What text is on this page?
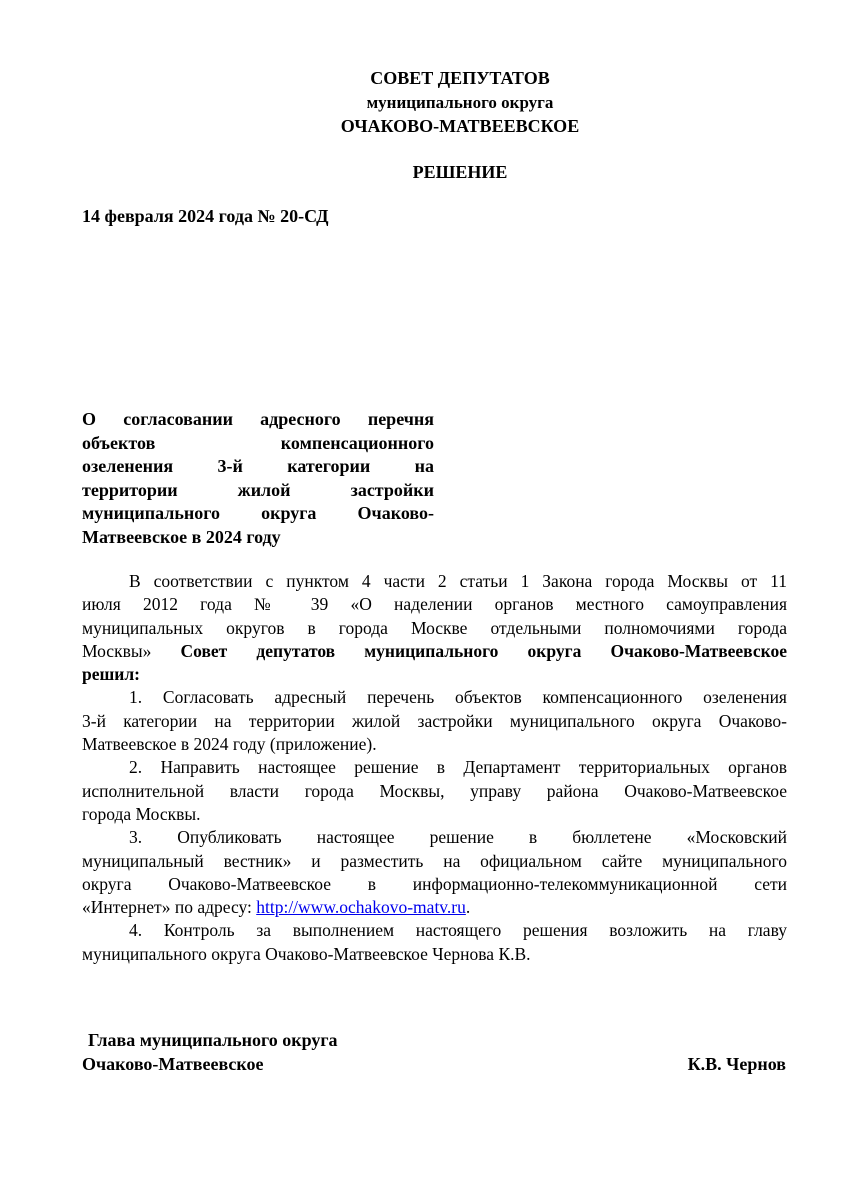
СОВЕТ ДЕПУТАТОВ
муниципального округа
ОЧАКОВО-МАТВЕЕВСКОЕ
РЕШЕНИЕ
14 февраля 2024 года № 20-СД
О согласовании адресного перечня
объектов компенсационного
озеленения 3-й категории на
территории жилой застройки
муниципального округа Очаково-
Матвеевское в 2024 году
В соответствии с пунктом 4 части 2 статьи 1 Закона города Москвы от 11
июля 2012 года № 39 «О наделении органов местного самоуправления
муниципальных округов в города Москве отдельными полномочиями города
Москвы» Совет депутатов муниципального округа Очаково-Матвеевское
решил:
1. Согласовать адресный перечень объектов компенсационного озеленения
3-й категории на территории жилой застройки муниципального округа Очаково-
Матвеевское в 2024 году (приложение).
2. Направить настоящее решение в Департамент территориальных органов
исполнительной власти города Москвы, управу района Очаково-Матвеевское
города Москвы.
3. Опубликовать настоящее решение в бюллетене «Московский
муниципальный вестник» и разместить на официальном сайте муниципального
округа Очаково-Матвеевское в информационно-телекоммуникационной сети
«Интернет» по адресу: http://www.ochakovo-matv.ru.
4. Контроль за выполнением настоящего решения возложить на главу
муниципального округа Очаково-Матвеевское Чернова К.В.
Глава муниципального округа
Очаково-Матвеевское	К.В. Чернов
